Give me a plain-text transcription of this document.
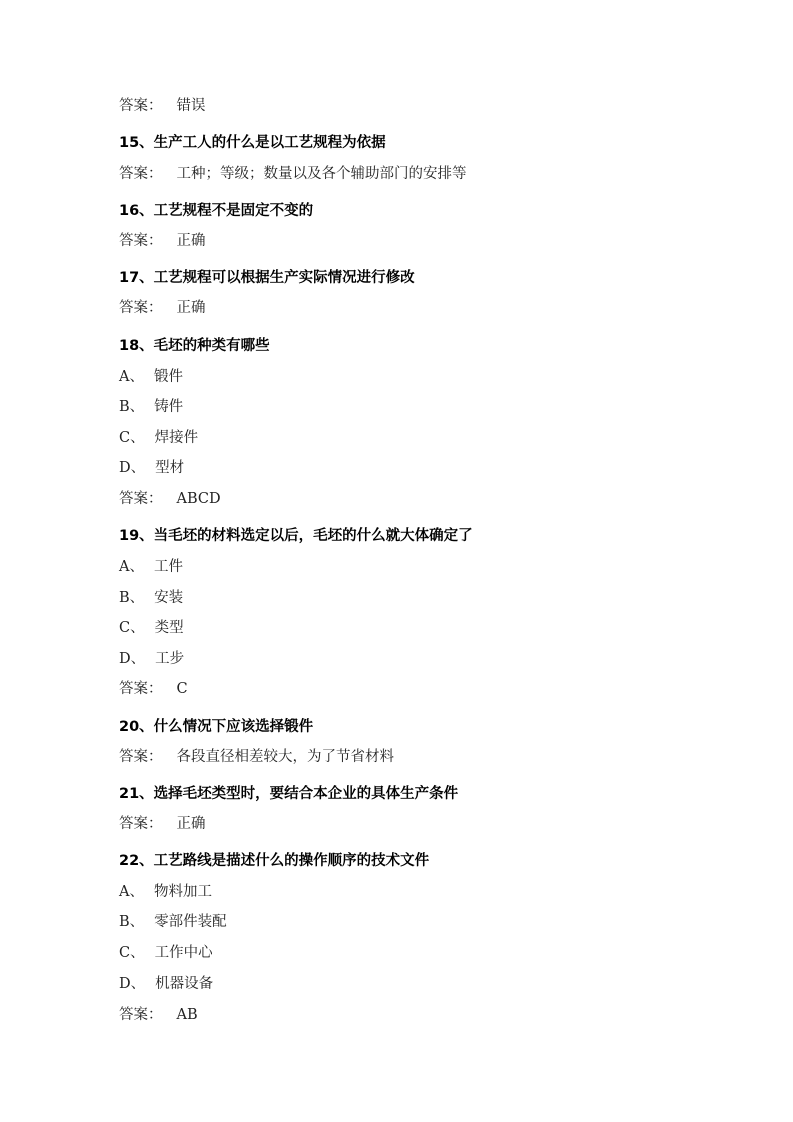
答案： 错误
15、生产工人的什么是以工艺规程为依据
答案： 工种；等级；数量以及各个辅助部门的安排等
16、工艺规程不是固定不变的
答案： 正确
17、工艺规程可以根据生产实际情况进行修改
答案： 正确
18、毛坯的种类有哪些
A、 锻件
B、 铸件
C、 焊接件
D、 型材
答案： ABCD
19、当毛坯的材料选定以后，毛坯的什么就大体确定了
A、 工件
B、 安装
C、 类型
D、 工步
答案： C
20、什么情况下应该选择锻件
答案： 各段直径相差较大，为了节省材料
21、选择毛坯类型时，要结合本企业的具体生产条件
答案： 正确
22、工艺路线是描述什么的操作顺序的技术文件
A、 物料加工
B、 零部件装配
C、 工作中心
D、 机器设备
答案： AB
